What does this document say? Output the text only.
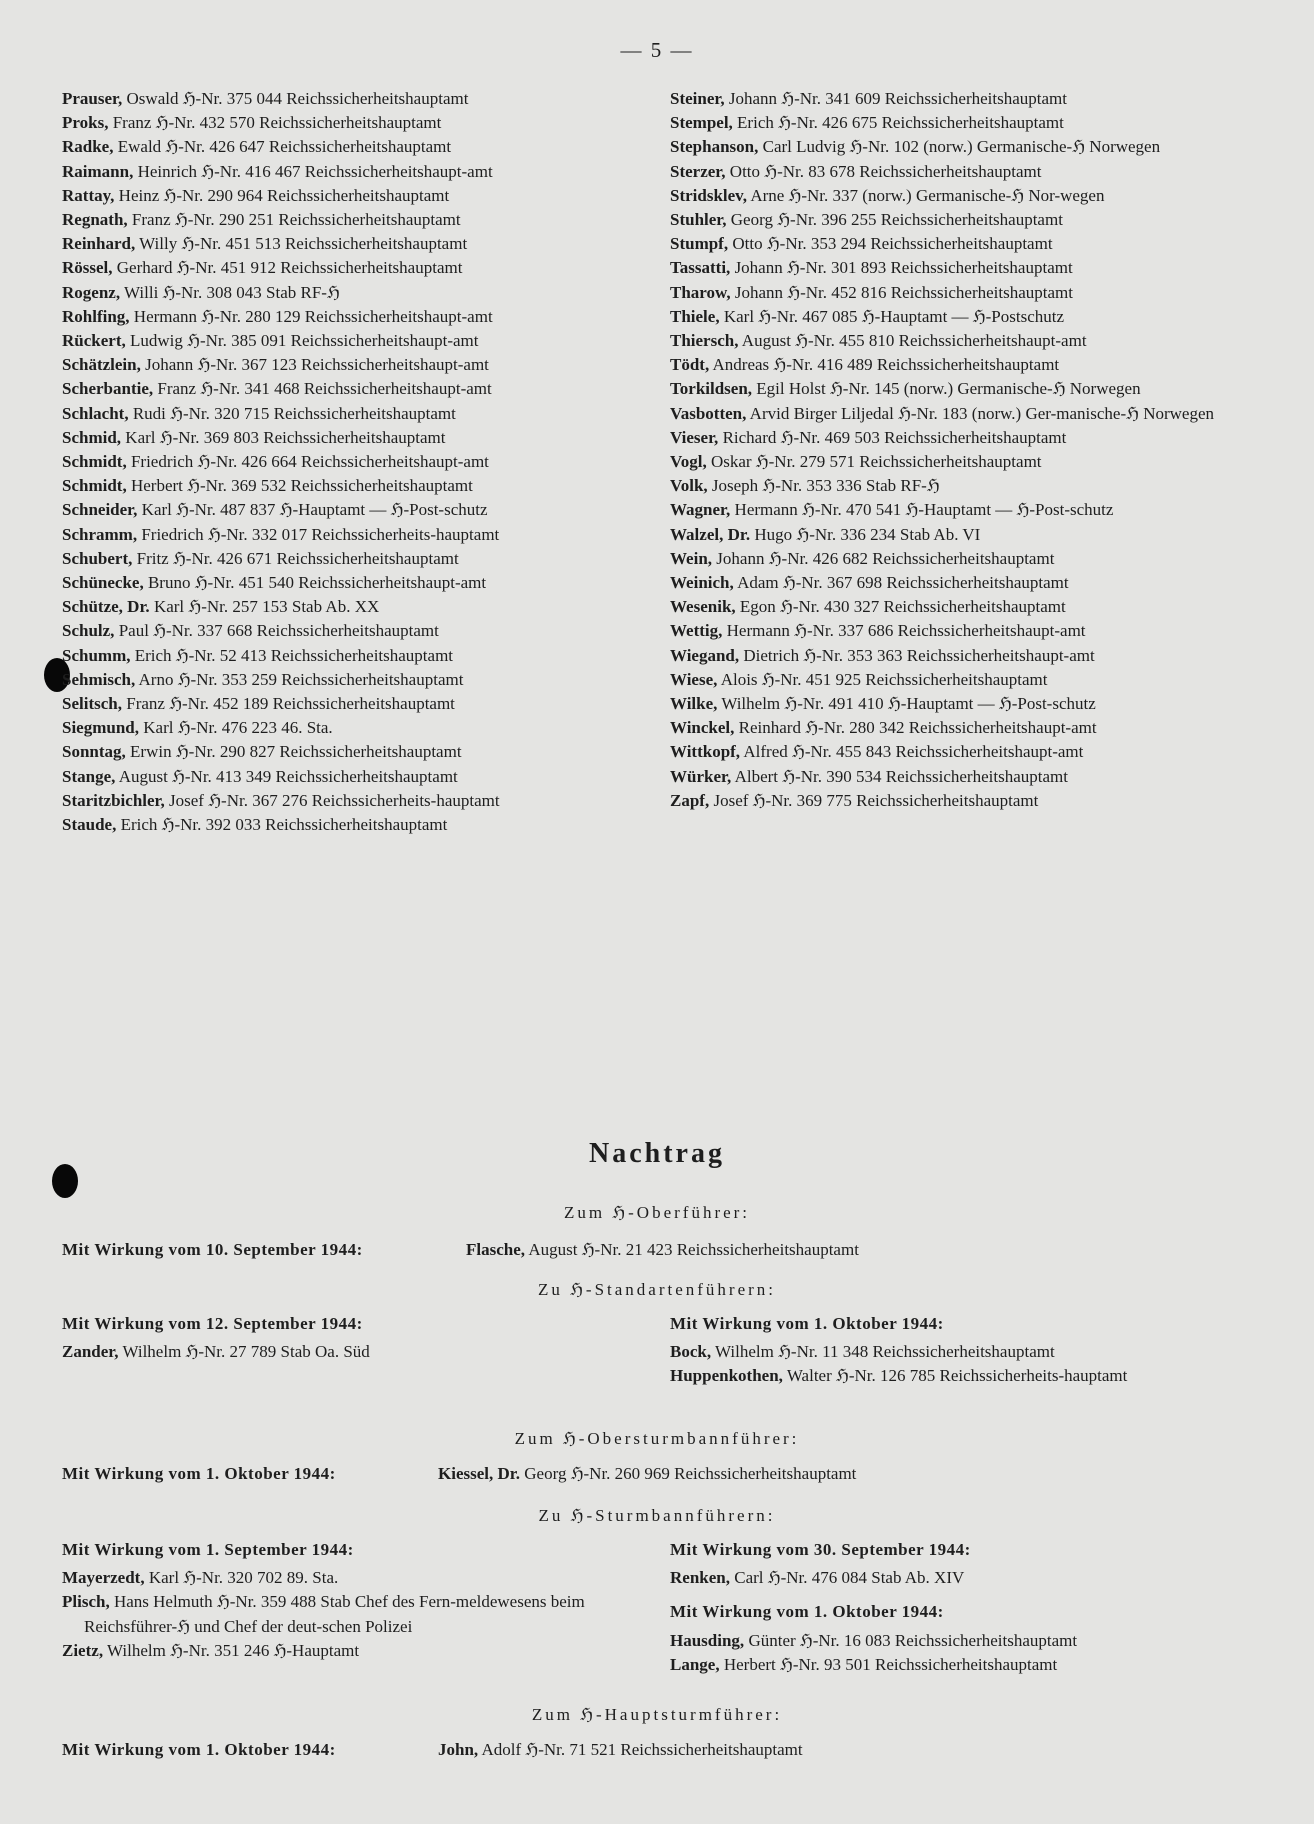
— 5 —
Prauser, Oswald ℌ-Nr. 375 044 Reichssicherheitshauptamt
Proks, Franz ℌ-Nr. 432 570 Reichssicherheitshauptamt
Radke, Ewald ℌ-Nr. 426 647 Reichssicherheitshauptamt
Raimann, Heinrich ℌ-Nr. 416 467 Reichssicherheitshaupt-amt
Rattay, Heinz ℌ-Nr. 290 964 Reichssicherheitshauptamt
Regnath, Franz ℌ-Nr. 290 251 Reichssicherheitshauptamt
Reinhard, Willy ℌ-Nr. 451 513 Reichssicherheitshauptamt
Rössel, Gerhard ℌ-Nr. 451 912 Reichssicherheitshauptamt
Rogenz, Willi ℌ-Nr. 308 043 Stab RF-ℌ
Rohlfing, Hermann ℌ-Nr. 280 129 Reichssicherheitshaupt-amt
Rückert, Ludwig ℌ-Nr. 385 091 Reichssicherheitshaupt-amt
Schätzlein, Johann ℌ-Nr. 367 123 Reichssicherheitshaupt-amt
Scherbantie, Franz ℌ-Nr. 341 468 Reichssicherheitshaupt-amt
Schlacht, Rudi ℌ-Nr. 320 715 Reichssicherheitshauptamt
Schmid, Karl ℌ-Nr. 369 803 Reichssicherheitshauptamt
Schmidt, Friedrich ℌ-Nr. 426 664 Reichssicherheitshaupt-amt
Schmidt, Herbert ℌ-Nr. 369 532 Reichssicherheitshauptamt
Schneider, Karl ℌ-Nr. 487 837 ℌ-Hauptamt — ℌ-Post-schutz
Schramm, Friedrich ℌ-Nr. 332 017 Reichssicherheits-hauptamt
Schubert, Fritz ℌ-Nr. 426 671 Reichssicherheitshauptamt
Schünecke, Bruno ℌ-Nr. 451 540 Reichssicherheitshaupt-amt
Schütze, Dr. Karl ℌ-Nr. 257 153 Stab Ab. XX
Schulz, Paul ℌ-Nr. 337 668 Reichssicherheitshauptamt
Schumm, Erich ℌ-Nr. 52 413 Reichssicherheitshauptamt
Sehmisch, Arno ℌ-Nr. 353 259 Reichssicherheitshauptamt
Selitsch, Franz ℌ-Nr. 452 189 Reichssicherheitshauptamt
Siegmund, Karl ℌ-Nr. 476 223 46. Sta.
Sonntag, Erwin ℌ-Nr. 290 827 Reichssicherheitshauptamt
Stange, August ℌ-Nr. 413 349 Reichssicherheitshauptamt
Staritzbichler, Josef ℌ-Nr. 367 276 Reichssicherheits-hauptamt
Staude, Erich ℌ-Nr. 392 033 Reichssicherheitshauptamt
Steiner, Johann ℌ-Nr. 341 609 Reichssicherheitshauptamt
Stempel, Erich ℌ-Nr. 426 675 Reichssicherheitshauptamt
Stephanson, Carl Ludvig ℌ-Nr. 102 (norw.) Germanische-ℌ Norwegen
Sterzer, Otto ℌ-Nr. 83 678 Reichssicherheitshauptamt
Stridsklev, Arne ℌ-Nr. 337 (norw.) Germanische-ℌ Nor-wegen
Stuhler, Georg ℌ-Nr. 396 255 Reichssicherheitshauptamt
Stumpf, Otto ℌ-Nr. 353 294 Reichssicherheitshauptamt
Tassatti, Johann ℌ-Nr. 301 893 Reichssicherheitshauptamt
Tharow, Johann ℌ-Nr. 452 816 Reichssicherheitshauptamt
Thiele, Karl ℌ-Nr. 467 085 ℌ-Hauptamt — ℌ-Postschutz
Thiersch, August ℌ-Nr. 455 810 Reichssicherheitshaupt-amt
Tödt, Andreas ℌ-Nr. 416 489 Reichssicherheitshauptamt
Torkildsen, Egil Holst ℌ-Nr. 145 (norw.) Germanische-ℌ Norwegen
Vasbotten, Arvid Birger Liljedal ℌ-Nr. 183 (norw.) Ger-manische-ℌ Norwegen
Vieser, Richard ℌ-Nr. 469 503 Reichssicherheitshauptamt
Vogl, Oskar ℌ-Nr. 279 571 Reichssicherheitshauptamt
Volk, Joseph ℌ-Nr. 353 336 Stab RF-ℌ
Wagner, Hermann ℌ-Nr. 470 541 ℌ-Hauptamt — ℌ-Post-schutz
Walzel, Dr. Hugo ℌ-Nr. 336 234 Stab Ab. VI
Wein, Johann ℌ-Nr. 426 682 Reichssicherheitshauptamt
Weinich, Adam ℌ-Nr. 367 698 Reichssicherheitshauptamt
Wesenik, Egon ℌ-Nr. 430 327 Reichssicherheitshauptamt
Wettig, Hermann ℌ-Nr. 337 686 Reichssicherheitshaupt-amt
Wiegand, Dietrich ℌ-Nr. 353 363 Reichssicherheitshaupt-amt
Wiese, Alois ℌ-Nr. 451 925 Reichssicherheitshauptamt
Wilke, Wilhelm ℌ-Nr. 491 410 ℌ-Hauptamt — ℌ-Post-schutz
Winckel, Reinhard ℌ-Nr. 280 342 Reichssicherheitshaupt-amt
Wittkopf, Alfred ℌ-Nr. 455 843 Reichssicherheitshaupt-amt
Würker, Albert ℌ-Nr. 390 534 Reichssicherheitshauptamt
Zapf, Josef ℌ-Nr. 369 775 Reichssicherheitshauptamt
Nachtrag
Zum ℌ-Oberführer:
Mit Wirkung vom 10. September 1944:	Flasche, August ℌ-Nr. 21 423 Reichssicherheitshauptamt
Zu ℌ-Standartenführern:
Mit Wirkung vom 12. September 1944:
Zander, Wilhelm ℌ-Nr. 27 789 Stab Oa. Süd
Mit Wirkung vom 1. Oktober 1944:
Bock, Wilhelm ℌ-Nr. 11 348 Reichssicherheitshauptamt
Huppenkothen, Walter ℌ-Nr. 126 785 Reichssicherheits-hauptamt
Zum ℌ-Obersturmbannführer:
Mit Wirkung vom 1. Oktober 1944:	Kiessel, Dr. Georg ℌ-Nr. 260 969 Reichssicherheitshauptamt
Zu ℌ-Sturmbannführern:
Mit Wirkung vom 1. September 1944:
Mayerzedt, Karl ℌ-Nr. 320 702 89. Sta.
Plisch, Hans Helmuth ℌ-Nr. 359 488 Stab Chef des Fern-meldewesens beim Reichsführer-ℌ und Chef der deut-schen Polizei
Zietz, Wilhelm ℌ-Nr. 351 246 ℌ-Hauptamt
Mit Wirkung vom 30. September 1944:
Renken, Carl ℌ-Nr. 476 084 Stab Ab. XIV
Mit Wirkung vom 1. Oktober 1944:
Hausding, Günter ℌ-Nr. 16 083 Reichssicherheitshauptamt
Lange, Herbert ℌ-Nr. 93 501 Reichssicherheitshauptamt
Zum ℌ-Hauptsturmführer:
Mit Wirkung vom 1. Oktober 1944:	John, Adolf ℌ-Nr. 71 521 Reichssicherheitshauptamt
